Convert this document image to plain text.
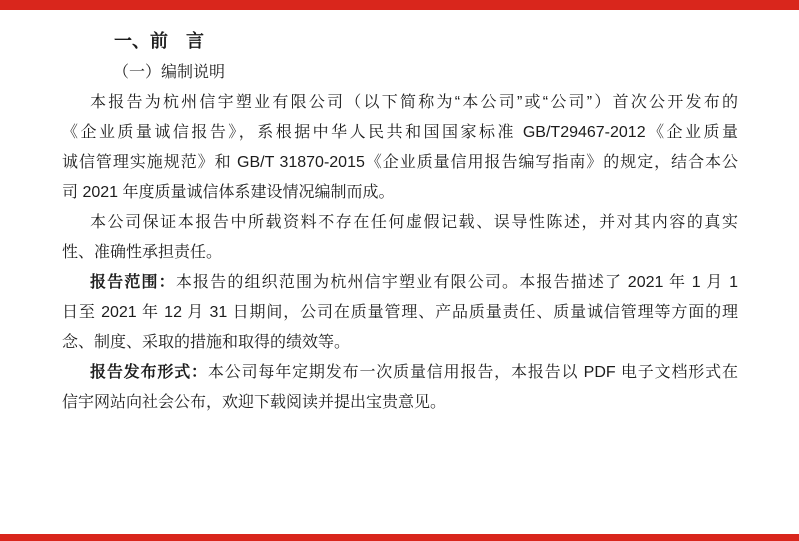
一、前　言
（一）编制说明
本报告为杭州信宇塑业有限公司（以下简称为“本公司”或“公司”）首次公开发布的
《企业质量诚信报告》，系根据中华人民共和国国家标准 GB/T29467-2012《企业质量
诚信管理实施规范》和 GB/T 31870-2015《企业质量信用报告编写指南》的规定，结合本公
司 2021 年度质量诚信体系建设情况编制而成。
本公司保证本报告中所载资料不存在任何虚假记载、误导性陈述，并对其内容的真实
性、准确性承担责任。
报告范围：本报告的组织范围为杭州信宇塑业有限公司。本报告描述了 2021 年 1 月 1
日至 2021 年 12 月 31 日期间，公司在质量管理、产品质量责任、质量诚信管理等方面的理
念、制度、采取的措施和取得的绩效等。
报告发布形式：本公司每年定期发布一次质量信用报告，本报告以 PDF 电子文档形式在
信宇网站向社会公布，欢迎下载阅读并提出宝贵意见。
